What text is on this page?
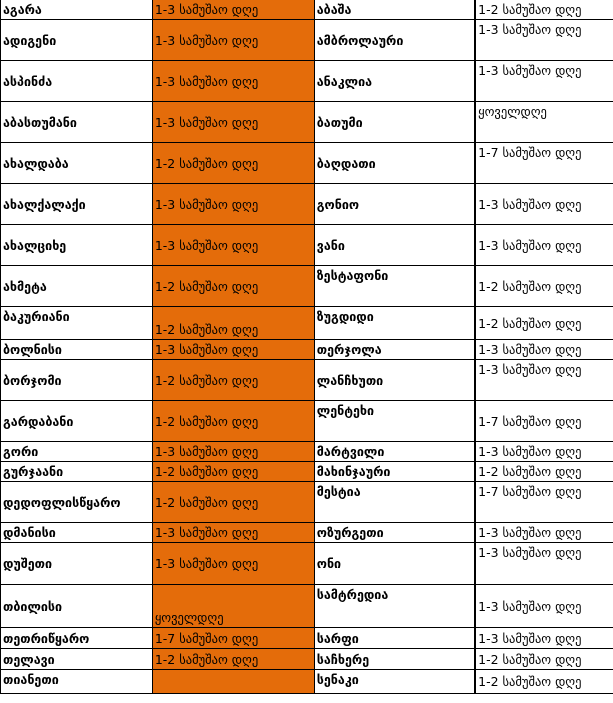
აგარა	1-3 სამუშაო დღე	აბაშა	1-2 სამუშაო დღე
ადიგენი	1-3 სამუშაო დღე	ამბროლაური	1-3 სამუშაო დღე
ასპინძა	1-3 სამუშაო დღე	ანაკლია	1-3 სამუშაო დღე
აბასთუმანი	1-3 სამუშაო დღე	ბათუმი	ყოველდღე
ახალდაბა	1-2 სამუშაო დღე	ბაღდათი	1-7 სამუშაო დღე
ახალქალაქი	1-3 სამუშაო დღე	გონიო	1-3 სამუშაო დღე
ახალციხე	1-3 სამუშაო დღე	ვანი	1-3 სამუშაო დღე
ახმეტა	1-2 სამუშაო დღე	ზესტაფონი	1-2 სამუშაო დღე
ბაკურიანი	1-2 სამუშაო დღე	ზუგდიდი	1-2 სამუშაო დღე
ბოლნისი	1-3 სამუშაო დღე	თერჯოლა	1-3 სამუშაო დღე
ბორჯომი	1-2 სამუშაო დღე	ლანჩხუთი	1-3 სამუშაო დღე
გარდაბანი	1-2 სამუშაო დღე	ლენტეხი	1-7 სამუშაო დღე
გორი	1-3 სამუშაო დღე	მარტვილი	1-3 სამუშაო დღე
გურჯაანი	1-2 სამუშაო დღე	მახინჯაური	1-2 სამუშაო დღე
დედოფლისწყარო	1-2 სამუშაო დღე	მესტია	1-7 სამუშაო დღე
დმანისი	1-3 სამუშაო დღე	ოზურგეთი	1-3 სამუშაო დღე
დუშეთი	1-3 სამუშაო დღე	ონი	1-3 სამუშაო დღე
თბილისი	ყოველდღე	სამტრედია	1-3 სამუშაო დღე
თეთრიწყარო	1-7 სამუშაო დღე	სარფი	1-3 სამუშაო დღე
თელავი	1-2 სამუშაო დღე	საჩხერე	1-2 სამუშაო დღე
თიანეთი		სენაკი	1-2 სამუშაო დღე
